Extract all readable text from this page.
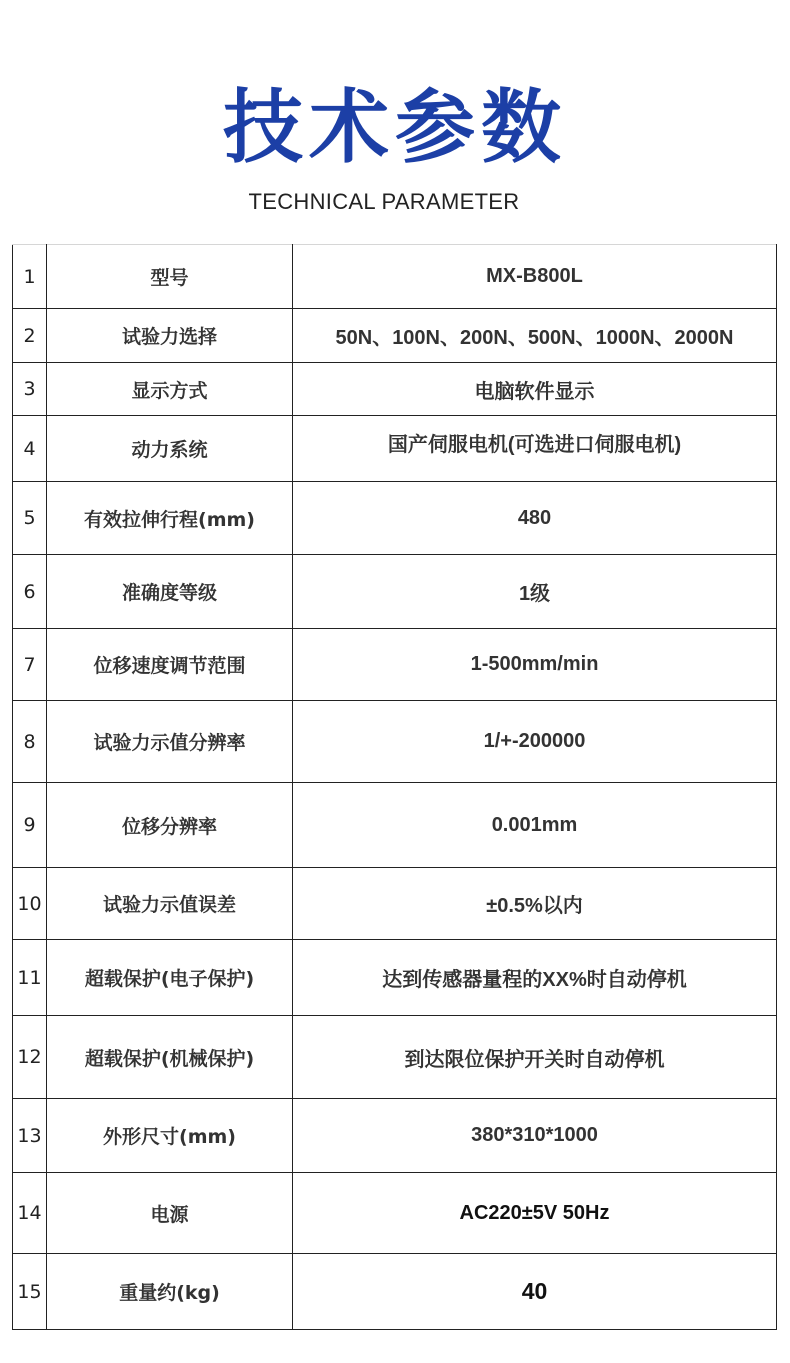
技术参数
TECHNICAL PARAMETER
1	型号	MX-B800L
2	试验力选择	50N、100N、200N、500N、1000N、2000N
3	显示方式	电脑软件显示
4	动力系统	国产伺服电机(可选进口伺服电机)
5	有效拉伸行程(mm)	480
6	准确度等级	1级
7	位移速度调节范围	1-500mm/min
8	试验力示值分辨率	1/+-200000
9	位移分辨率	0.001mm
10	试验力示值误差	±0.5%以内
11	超载保护(电子保护)	达到传感器量程的XX%时自动停机
12	超载保护(机械保护)	到达限位保护开关时自动停机
13	外形尺寸(mm)	380*310*1000
14	电源	AC220±5V 50Hz
15	重量约(kg)	40
